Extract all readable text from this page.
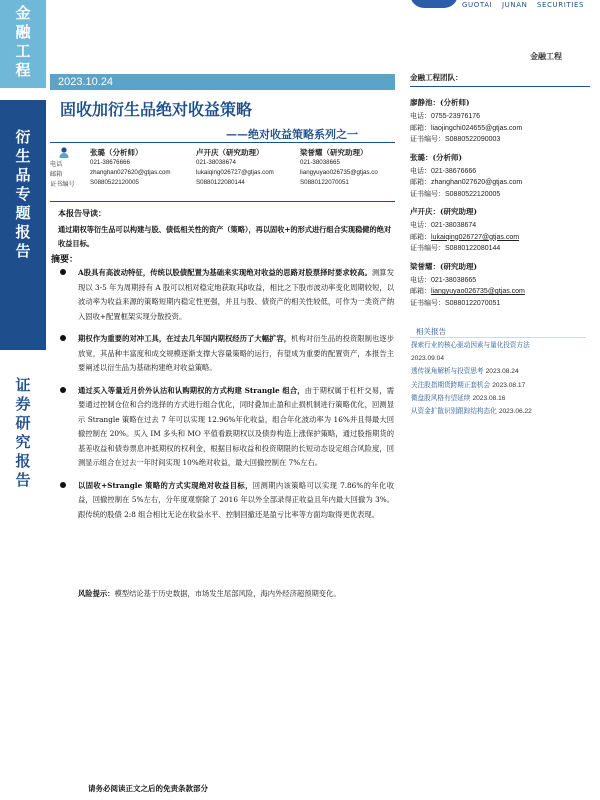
金
融
工
程
衍
生
品
专
题
报
告
证
券
研
究
报
告
GUOTAI JUNAN SECURITIES
金融工程
2023.10.24
固收加衍生品绝对收益策略
——绝对收益策略系列之一
电话
邮箱
证书编号
张璐（分析师）
021-38676666
zhanghan027620@gtjas.com
S0880522120005
卢开庆（研究助理）
021-38038674
lukaiqing026727@gtjas.com
S0880122080144
梁誉耀（研究助理）
021-38038665
liangyuyao026735@gtjas.co
S0880122070051
本报告导读：
通过期权等衍生品可以构建与股、债低相关性的资产（策略），再以固收+的形式进行组合实现稳健的绝对收益目标。
摘要：
A股具有高波动特征，传统以股债配置为基础来实现绝对收益的思路对股票择时要求较高。测算发现以 3-5 年为周期持有 A 股可以相对稳定地获取其β收益，相比之下股市波动率变化周期较短，以波动率为收益来源的策略短期内稳定性更强，并且与股、债资产的相关性较低，可作为一类资产纳入固收+配置框架实现分散投资。
期权作为重要的对冲工具，在过去几年国内期权经历了大幅扩容，机构对衍生品的投资限制也逐步放宽，其品种丰富度和成交规模逐渐支撑大容量策略的运行，有望成为重要的配置资产，本报告主要阐述以衍生品为基础构建绝对收益策略。
通过买入等量近月价外认沽和认购期权的方式构建 Strangle 组合，由于期权属于杠杆交易，需要通过控制仓位和合约选择的方式进行组合优化，同时叠加止盈和止损机制进行策略优化，回测显示 Strangle 策略在过去 7 年可以实现 12.96%年化收益，组合年化波动率为 16%并且得最大回撤控制在 20%。买入 IM 多头和 MO 平值看跌期权以及债券构造上涨保护策略，通过股指期货的基差收益和债券票息冲抵期权的权利金，根据目标收益和投资期限的长短动态设定组合风险度，回测显示组合在过去一年时间实现 10%绝对收益，最大回撤控制在 7%左右。
以固收+Strangle 策略的方式实现绝对收益目标，回测期内该策略可以实现 7.86%的年化收益，回撤控制在 5%左右，分年度观察除了 2016 年以外全部录得正收益且年内最大回撤为 3%。跟传统的股债 2:8 组合相比无论在收益水平、控制回撤还是盈亏比率等方面均取得更优表现。
风险提示：模型结论基于历史数据，市场发生尾部风险，海内外经济超预期变化。
请务必阅读正文之后的免责条款部分
金融工程团队：
廖静池：(分析师)
电话：0755-23976176
邮箱：liaojingchi024655@gtjas.com
证书编号：S0880522090003
张璐：(分析师)
电话：021-38676666
邮箱：zhanghan027620@gtjas.com
证书编号：S0880522120005
卢开庆：(研究助理)
电话：021-38038674
邮箱：lukaiqing026727@gtjas.com
证书编号：S0880122080144
梁誉耀：(研究助理)
电话：021-38038665
邮箱：liangyuyao026735@gtjas.com
证书编号：S0880122070051
相关报告
探索行业的核心驱动因素与量化投资方法
2023.09.04
透传视角解析与投资思考 2023.08.24
关注股指期货跨期正套机会 2023.08.17
微盘股风格有望延续 2023.08.16
从资金扩散识别跟踪结构态化 2023.06.22
